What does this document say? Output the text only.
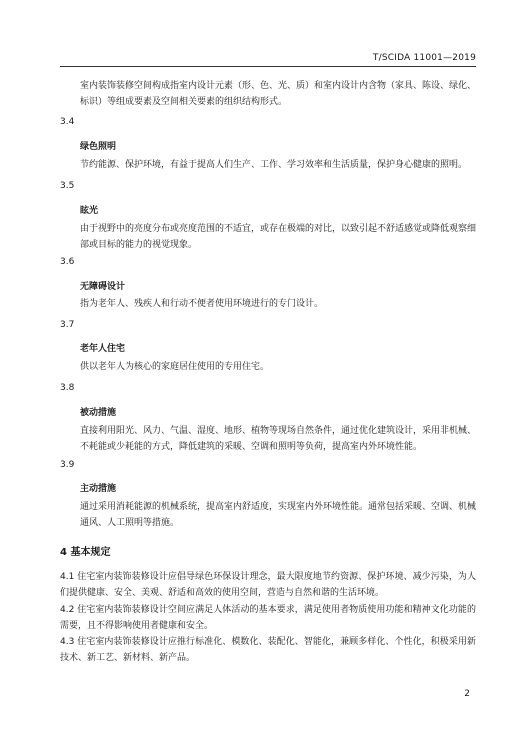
T/SCIDA 11001—2019
室内装饰装修空间构成指室内设计元素（形、色、光、质）和室内设计内含物（家具、陈设、绿化、标识）等组成要素及空间相关要素的组织结构形式。
3.4
绿色照明
节约能源、保护环境，有益于提高人们生产、工作、学习效率和生活质量，保护身心健康的照明。
3.5
眩光
由于视野中的亮度分布或亮度范围的不适宜，或存在极端的对比，以致引起不舒适感觉或降低观察细部或目标的能力的视觉现象。
3.6
无障碍设计
指为老年人、残疾人和行动不便者使用环境进行的专门设计。
3.7
老年人住宅
供以老年人为核心的家庭居住使用的专用住宅。
3.8
被动措施
直接利用阳光、风力、气温、湿度、地形、植物等现场自然条件，通过优化建筑设计，采用非机械、不耗能或少耗能的方式，降低建筑的采暖、空调和照明等负荷，提高室内外环境性能。
3.9
主动措施
通过采用消耗能源的机械系统，提高室内舒适度，实现室内外环境性能。通常包括采暖、空调、机械通风、人工照明等措施。
4 基本规定
4.1 住宅室内装饰装修设计应倡导绿色环保设计理念，最大限度地节约资源、保护环境、减少污染，为人们提供健康、安全、美观、舒适和高效的使用空间，营造与自然和谐的生活环境。
4.2 住宅室内装饰装修设计空间应满足人体活动的基本要求，满足使用者物质使用功能和精神文化功能的需要，且不得影响使用者健康和安全。
4.3 住宅室内装饰装修设计应推行标准化、模数化、装配化、智能化，兼顾多样化、个性化，积极采用新技术、新工艺、新材料、新产品。
2
